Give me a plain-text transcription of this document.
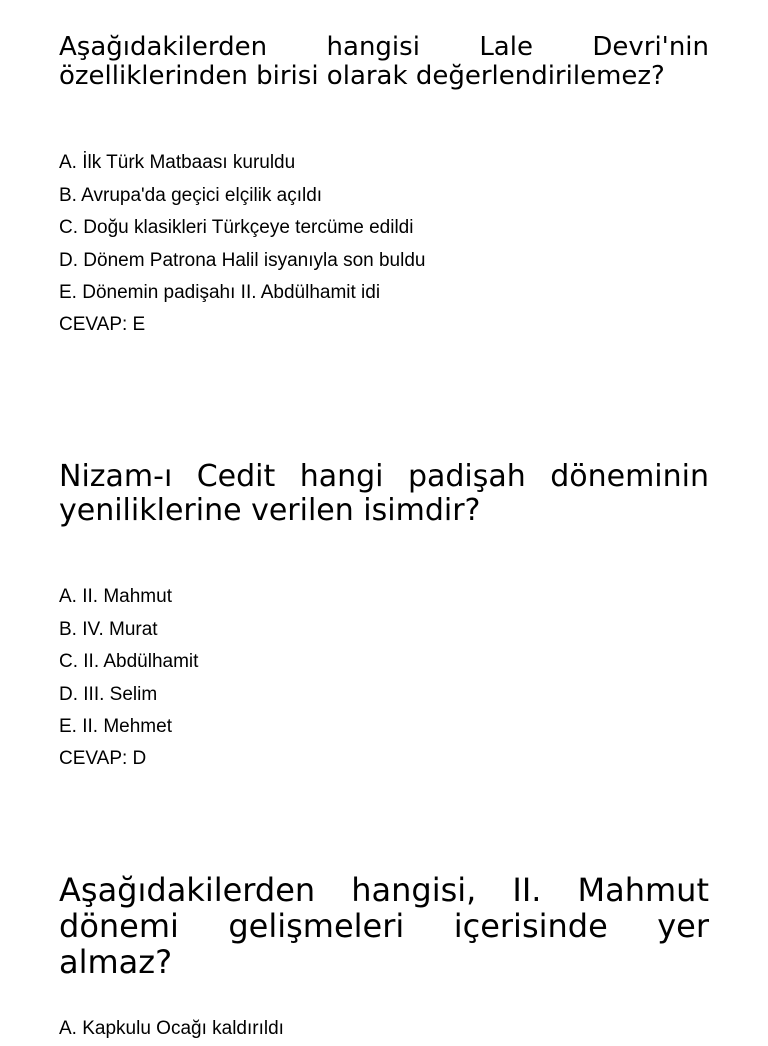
Aşağıdakilerden hangisi Lale Devri'nin özelliklerinden birisi olarak değerlendirilemez?

A. İlk Türk Matbaası kuruldu
B. Avrupa'da geçici elçilik açıldı
C. Doğu klasikleri Türkçeye tercüme edildi
D. Dönem Patrona Halil isyanıyla son buldu
E. Dönemin padişahı II. Abdülhamit idi
CEVAP: E

Nizam-ı Cedit hangi padişah döneminin yeniliklerine verilen isimdir?

A. II. Mahmut
B. IV. Murat
C. II. Abdülhamit
D. III. Selim
E. II. Mehmet
CEVAP: D

Aşağıdakilerden hangisi, II. Mahmut dönemi gelişmeleri içerisinde yer almaz?

A. Kapkulu Ocağı kaldırıldı
